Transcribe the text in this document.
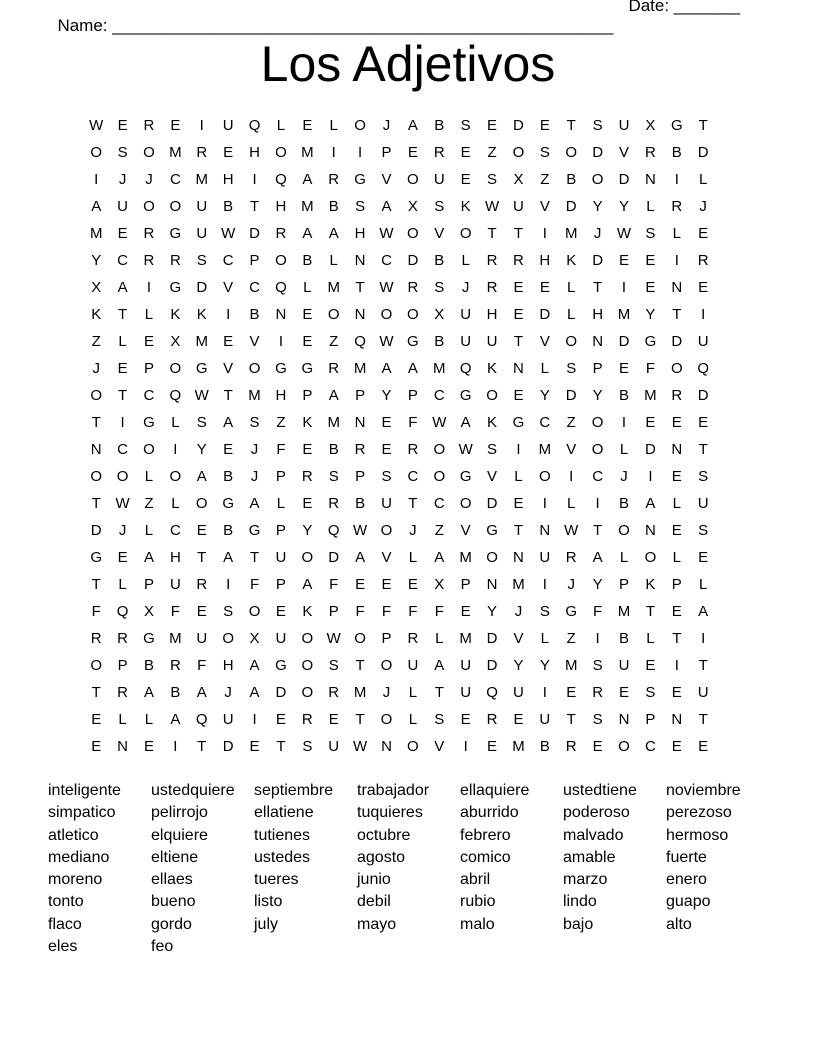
Name: _____________________________________________________

Date: _______

Los Adjetivos
W E	R	E	I	U	Q	L	E	L	O	J	A	B	S	E	D	E	T	S	U	X	G	T
O	S	O M R	E	H	O M	I	I	P	E	R	E	Z	O	S	O	D	V	R	B	D
I	J	J	C M H	I	Q	A	R	G	V	O	U	E	S	X	Z	B	O	D	N	I	L
A	U	O O	U	B	T	H M	B	S	A	X	S	K W U	V	D	Y	Y	L	R	J
M	E	R	G	U W D	R	A	A	H W O	V	O	T	T	I	M	J	W S	L	E
Y	C	R	R	S	C	P	O	B	L	N	C	D	B	L	R	R	H	K	D	E	E	I	R
X	A	I	G	D	V	C	Q	L	M	T W R	S	J	R	E	E	L	T	I	E	N	E
K	T	L	K	K	I	B	N	E	O	N	O O	X	U	H	E	D	L	H M	Y	T	I
Z	L	E	X	M	E	V	I	E	Z	Q W G	B	U	U	T	V	O	N	D	G	D	U
J	E	P	O G	V	O G G	R M	A	A	M Q	K	N	L	S	P	E	F	O Q
O	T	C	Q W T	M H	P	A	P	Y	P	C	G O	E	Y	D	Y	B	M R	D
T	I	G	L	S	A	S	Z	K	M N	E	F W A	K	G	C	Z	O	I	E	E	E
N	C	O	I	Y	E	J	F	E	B	R	E	R	O W S	I	M	V	O	L	D	N	T
O O	L	O	A	B	J	P	R	S	P	S	C	O G	V	L	O	I	C	J	I	E	S
T W Z	L	O G	A	L	E	R	B	U	T	C	O	D	E	I	L	I	B	A	L	U
D	J	L	C	E	B	G	P	Y	Q W O	J	Z	V	G	T	N W T	O	N	E	S
G	E	A	H	T	A	T	U	O	D	A	V	L	A	M O	N	U	R	A	L	O	L	E
T	L	P	U	R	I	F	P	A	F	E	E	E	X	P	N M	I	J	Y	P	K	P	L
F	Q	X	F	E	S	O	E	K	P	F	F	F	F	E	Y	J	S	G	F	M	T	E	A
R	R	G M U	O	X	U	O W O	P	R	L	M D	V	L	Z	I	B	L	T	I
O	P	B	R	F	H	A	G O	S	T	O	U	A	U	D	Y	Y	M	S	U	E	I	T
T	R	A	B	A	J	A	D	O	R M	J	L	T	U	Q	U	I	E	R	E	S	E	U
E	L	L	A	Q	U	I	E	R	E	T	O	L	S	E	R	E	U	T	S	N	P	N	T
E	N	E	I	T	D	E	T	S	U W N	O	V	I	E	M	B	R	E	O	C	E	E
inteligente	ustedquiere	septiembre	trabajador	ellaquiere	ustedtiene	noviembre
simpatico	pelirrojo	ellatiene	tuquieres	aburrido	poderoso	perezoso
atletico	elquiere	tutienes	octubre	febrero	malvado	hermoso
mediano	eltiene	ustedes	agosto	comico	amable	fuerte
moreno	ellaes	tueres	junio	abril	marzo	enero
tonto	bueno	listo	debil	rubio	lindo	guapo
flaco	gordo	july	mayo	malo	bajo	alto
eles	feo
